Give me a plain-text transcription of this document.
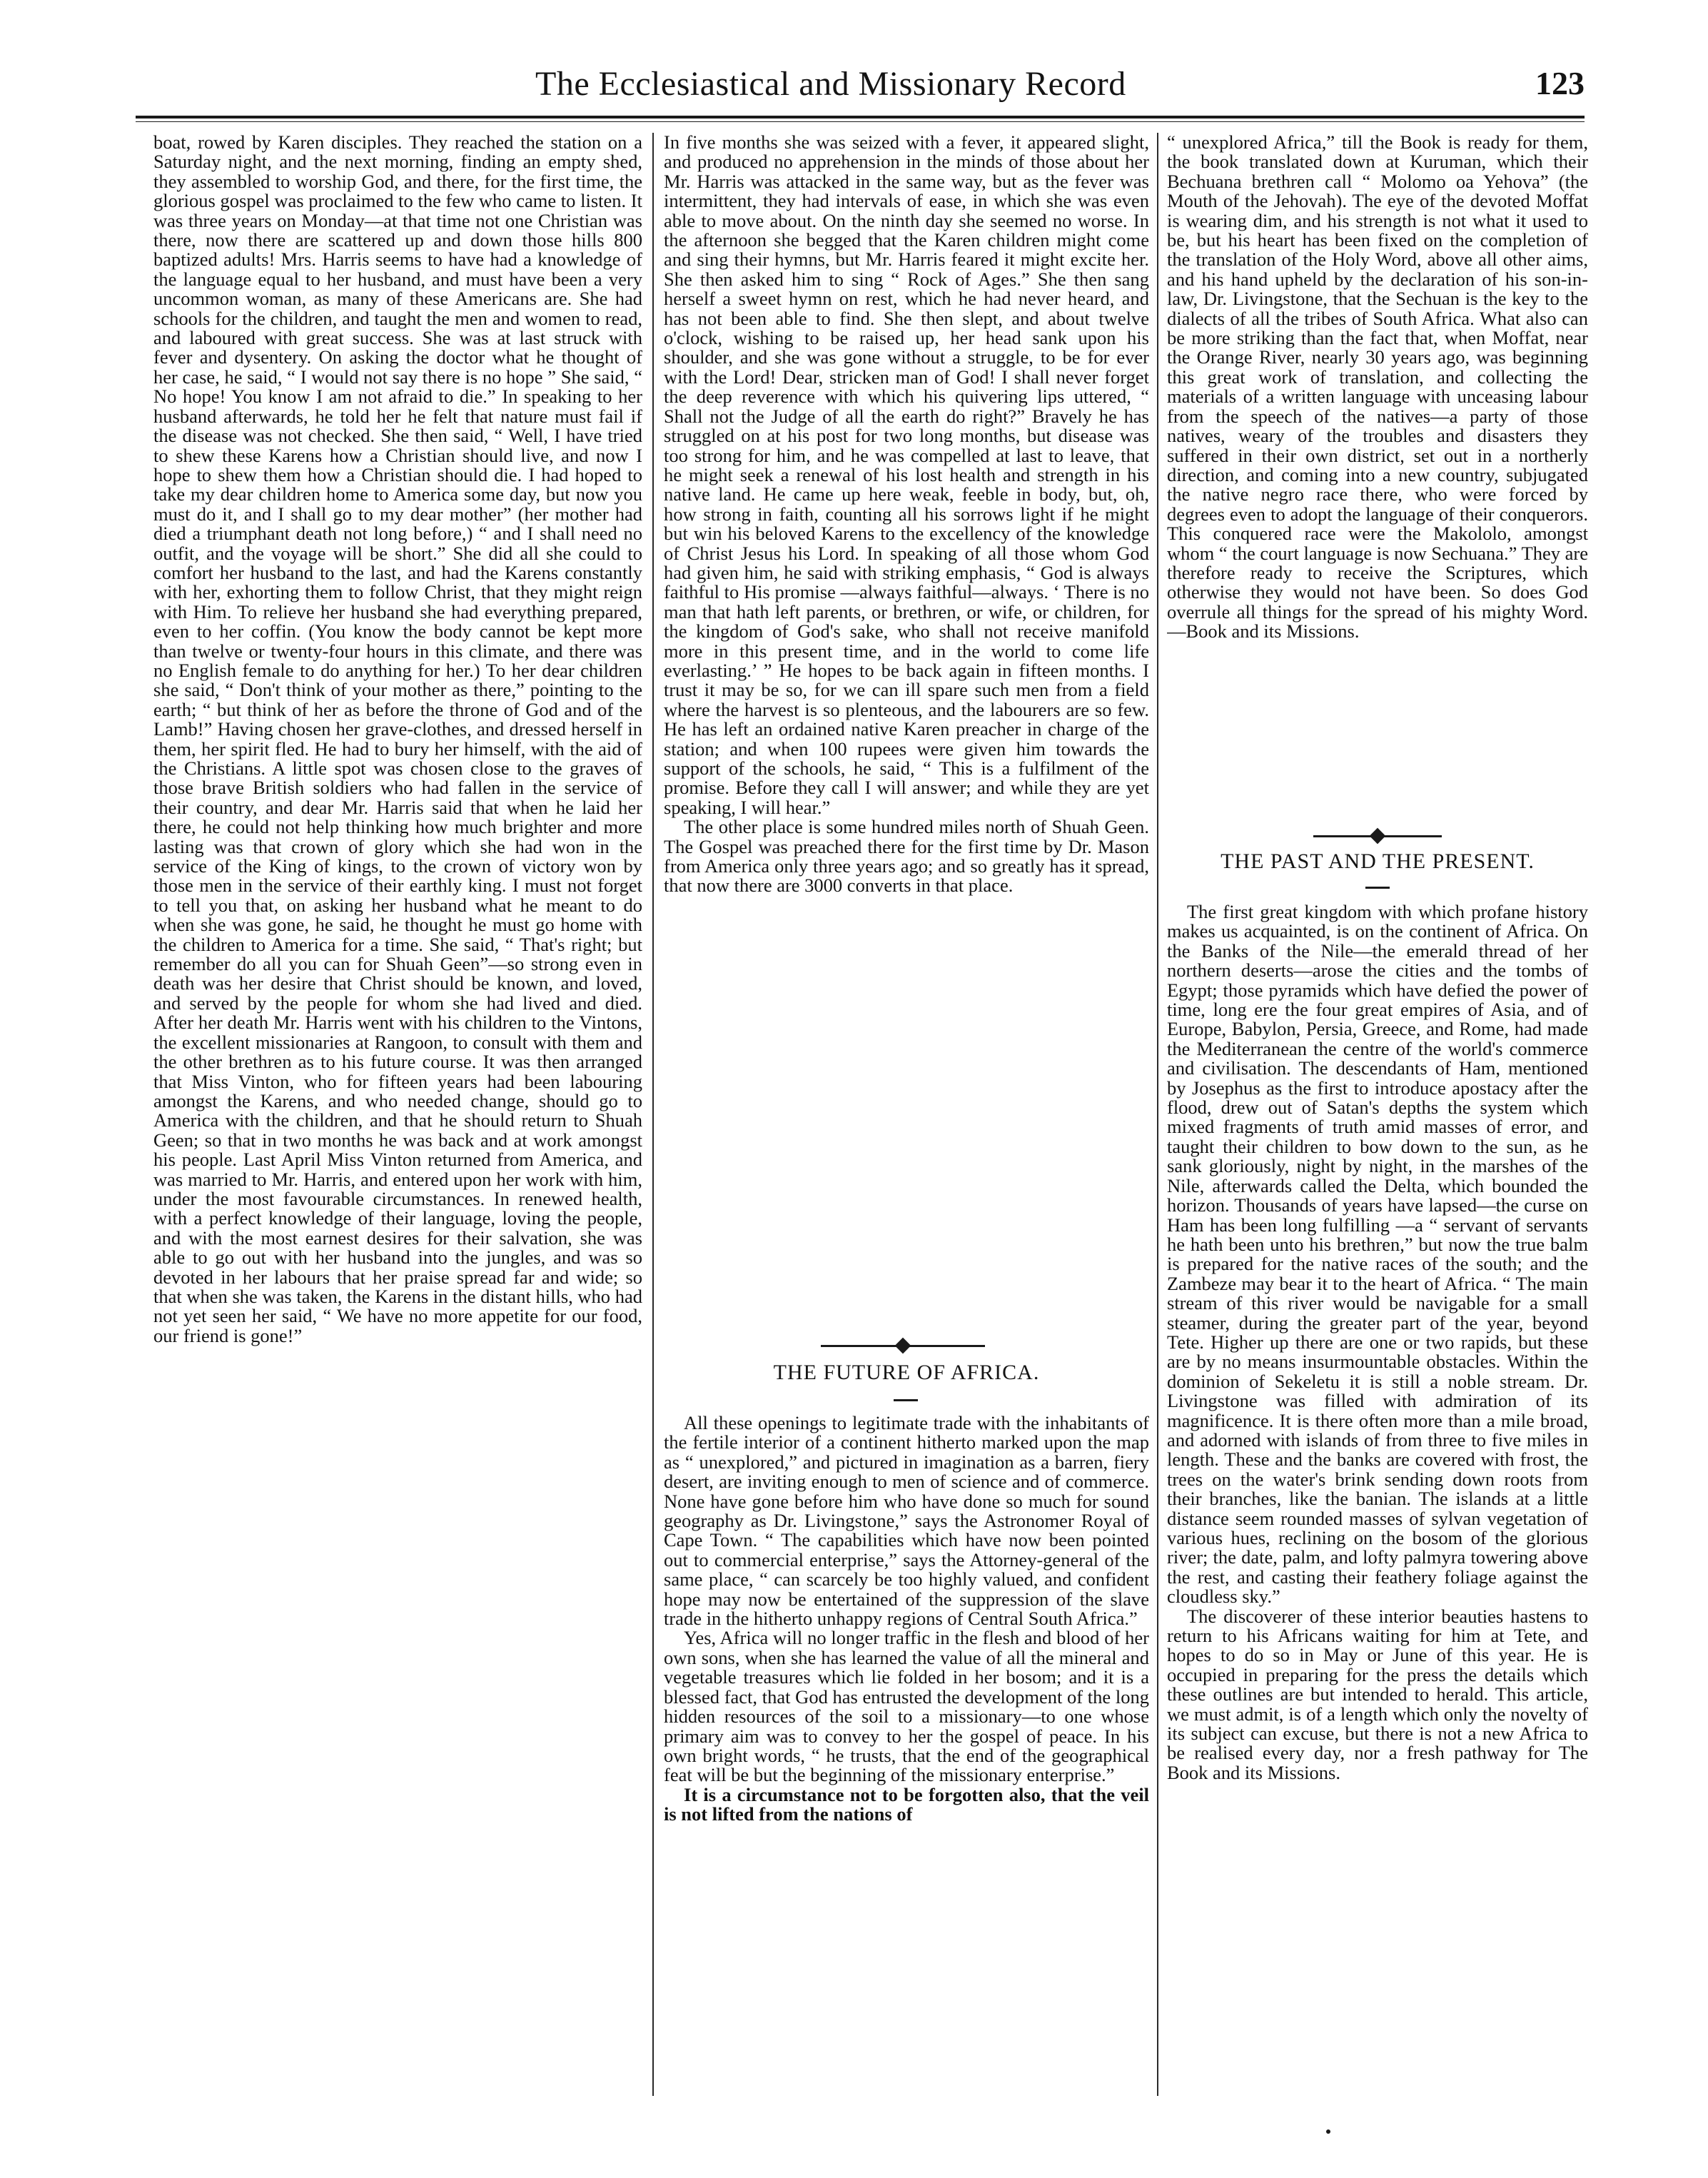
The Ecclesiastical and Missionary Record	123

boat, rowed by Karen disciples. They reached the station on a Saturday night, and the next morning, finding an empty shed, they assembled to worship God, and there, for the first time, the glorious gospel was proclaimed to the few who came to listen. It was three years on Monday—at that time not one Christian was there, now there are scattered up and down those hills 800 baptized adults! Mrs. Harris seems to have had a knowledge of the language equal to her husband, and must have been a very uncommon woman, as many of these Americans are. She had schools for the children, and taught the men and women to read, and laboured with great success. She was at last struck with fever and dysentery. On asking the doctor what he thought of her case, he said, “ I would not say there is no hope ” She said, “ No hope! You know I am not afraid to die.” In speaking to her husband afterwards, he told her he felt that nature must fail if the disease was not checked. She then said, “ Well, I have tried to shew these Karens how a Christian should live, and now I hope to shew them how a Christian should die. I had hoped to take my dear children home to America some day, but now you must do it, and I shall go to my dear mother” (her mother had died a triumphant death not long before,) “ and I shall need no outfit, and the voyage will be short.” She did all she could to comfort her husband to the last, and had the Karens constantly with her, exhorting them to follow Christ, that they might reign with Him. To relieve her husband she had everything prepared, even to her coffin. (You know the body cannot be kept more than twelve or twenty-four hours in this climate, and there was no English female to do anything for her.) To her dear children she said, “ Don't think of your mother as there,” pointing to the earth; “ but think of her as before the throne of God and of the Lamb!” Having chosen her grave-clothes, and dressed herself in them, her spirit fled. He had to bury her himself, with the aid of the Christians. A little spot was chosen close to the graves of those brave British soldiers who had fallen in the service of their country, and dear Mr. Harris said that when he laid her there, he could not help thinking how much brighter and more lasting was that crown of glory which she had won in the service of the King of kings, to the crown of victory won by those men in the service of their earthly king. I must not forget to tell you that, on asking her husband what he meant to do when she was gone, he said, he thought he must go home with the children to America for a time. She said, “ That's right; but remember do all you can for Shuah Geen”—so strong even in death was her desire that Christ should be known, and loved, and served by the people for whom she had lived and died. After her death Mr. Harris went with his children to the Vintons, the excellent missionaries at Rangoon, to consult with them and the other brethren as to his future course. It was then arranged that Miss Vinton, who for fifteen years had been labouring amongst the Karens, and who needed change, should go to America with the children, and that he should return to Shuah Geen; so that in two months he was back and at work amongst his people. Last April Miss Vinton returned from America, and was married to Mr. Harris, and entered upon her work with him, under the most favourable circumstances. In renewed health, with a perfect knowledge of their language, loving the people, and with the most earnest desires for their salvation, she was able to go out with her husband into the jungles, and was so devoted in her labours that her praise spread far and wide; so that when she was taken, the Karens in the distant hills, who had not yet seen her said, “ We have no more appetite for our food, our friend is gone!”

In five months she was seized with a fever, it appeared slight, and produced no apprehension in the minds of those about her Mr. Harris was attacked in the same way, but as the fever was intermittent, they had intervals of ease, in which she was even able to move about. On the ninth day she seemed no worse. In the afternoon she begged that the Karen children might come and sing their hymns, but Mr. Harris feared it might excite her. She then asked him to sing “ Rock of Ages.” She then sang herself a sweet hymn on rest, which he had never heard, and has not been able to find. She then slept, and about twelve o'clock, wishing to be raised up, her head sank upon his shoulder, and she was gone without a struggle, to be for ever with the Lord! Dear, stricken man of God! I shall never forget the deep reverence with which his quivering lips uttered, “ Shall not the Judge of all the earth do right?” Bravely he has struggled on at his post for two long months, but disease was too strong for him, and he was compelled at last to leave, that he might seek a renewal of his lost health and strength in his native land. He came up here weak, feeble in body, but, oh, how strong in faith, counting all his sorrows light if he might but win his beloved Karens to the excellency of the knowledge of Christ Jesus his Lord. In speaking of all those whom God had given him, he said with striking emphasis, “ God is always faithful to His promise —always faithful—always. ‘ There is no man that hath left parents, or brethren, or wife, or children, for the kingdom of God's sake, who shall not receive manifold more in this present time, and in the world to come life everlasting.’ ” He hopes to be back again in fifteen months. I trust it may be so, for we can ill spare such men from a field where the harvest is so plenteous, and the labourers are so few. He has left an ordained native Karen preacher in charge of the station; and when 100 rupees were given him towards the support of the schools, he said, “ This is a fulfilment of the promise. Before they call I will answer; and while they are yet speaking, I will hear.”

The other place is some hundred miles north of Shuah Geen. The Gospel was preached there for the first time by Dr. Mason from America only three years ago; and so greatly has it spread, that now there are 3000 converts in that place.

THE FUTURE OF AFRICA.

All these openings to legitimate trade with the inhabitants of the fertile interior of a continent hitherto marked upon the map as “ unexplored,” and pictured in imagination as a barren, fiery desert, are inviting enough to men of science and of commerce. None have gone before him who have done so much for sound geography as Dr. Livingstone,” says the Astronomer Royal of Cape Town. “ The capabilities which have now been pointed out to commercial enterprise,” says the Attorney-general of the same place, “ can scarcely be too highly valued, and confident hope may now be entertained of the suppression of the slave trade in the hitherto unhappy regions of Central South Africa.”

Yes, Africa will no longer traffic in the flesh and blood of her own sons, when she has learned the value of all the mineral and vegetable treasures which lie folded in her bosom; and it is a blessed fact, that God has entrusted the development of the long hidden resources of the soil to a missionary—to one whose primary aim was to convey to her the gospel of peace. In his own bright words, “ he trusts, that the end of the geographical feat will be but the beginning of the missionary enterprise.”

It is a circumstance not to be forgotten also, that the veil is not lifted from the nations of

“ unexplored Africa,” till the Book is ready for them, the book translated down at Kuruman, which their Bechuana brethren call “ Molomo oa Yehova” (the Mouth of the Jehovah). The eye of the devoted Moffat is wearing dim, and his strength is not what it used to be, but his heart has been fixed on the completion of the translation of the Holy Word, above all other aims, and his hand upheld by the declaration of his son-in-law, Dr. Livingstone, that the Sechuan is the key to the dialects of all the tribes of South Africa. What also can be more striking than the fact that, when Moffat, near the Orange River, nearly 30 years ago, was beginning this great work of translation, and collecting the materials of a written language with unceasing labour from the speech of the natives—a party of those natives, weary of the troubles and disasters they suffered in their own district, set out in a northerly direction, and coming into a new country, subjugated the native negro race there, who were forced by degrees even to adopt the language of their conquerors. This conquered race were the Makololo, amongst whom “ the court language is now Sechuana.” They are therefore ready to receive the Scriptures, which otherwise they would not have been. So does God overrule all things for the spread of his mighty Word.—Book and its Missions.

THE PAST AND THE PRESENT.

The first great kingdom with which profane history makes us acquainted, is on the continent of Africa. On the Banks of the Nile—the emerald thread of her northern deserts—arose the cities and the tombs of Egypt; those pyramids which have defied the power of time, long ere the four great empires of Asia, and of Europe, Babylon, Persia, Greece, and Rome, had made the Mediterranean the centre of the world's commerce and civilisation. The descendants of Ham, mentioned by Josephus as the first to introduce apostacy after the flood, drew out of Satan's depths the system which mixed fragments of truth amid masses of error, and taught their children to bow down to the sun, as he sank gloriously, night by night, in the marshes of the Nile, afterwards called the Delta, which bounded the horizon. Thousands of years have lapsed—the curse on Ham has been long fulfilling —a “ servant of servants he hath been unto his brethren,” but now the true balm is prepared for the native races of the south; and the Zambeze may bear it to the heart of Africa. “ The main stream of this river would be navigable for a small steamer, during the greater part of the year, beyond Tete. Higher up there are one or two rapids, but these are by no means insurmountable obstacles. Within the dominion of Sekeletu it is still a noble stream. Dr. Livingstone was filled with admiration of its magnificence. It is there often more than a mile broad, and adorned with islands of from three to five miles in length. These and the banks are covered with frost, the trees on the water's brink sending down roots from their branches, like the banian. The islands at a little distance seem rounded masses of sylvan vegetation of various hues, reclining on the bosom of the glorious river; the date, palm, and lofty palmyra towering above the rest, and casting their feathery foliage against the cloudless sky.”

The discoverer of these interior beauties hastens to return to his Africans waiting for him at Tete, and hopes to do so in May or June of this year. He is occupied in preparing for the press the details which these outlines are but intended to herald. This article, we must admit, is of a length which only the novelty of its subject can excuse, but there is not a new Africa to be realised every day, nor a fresh pathway for The Book and its Missions.
